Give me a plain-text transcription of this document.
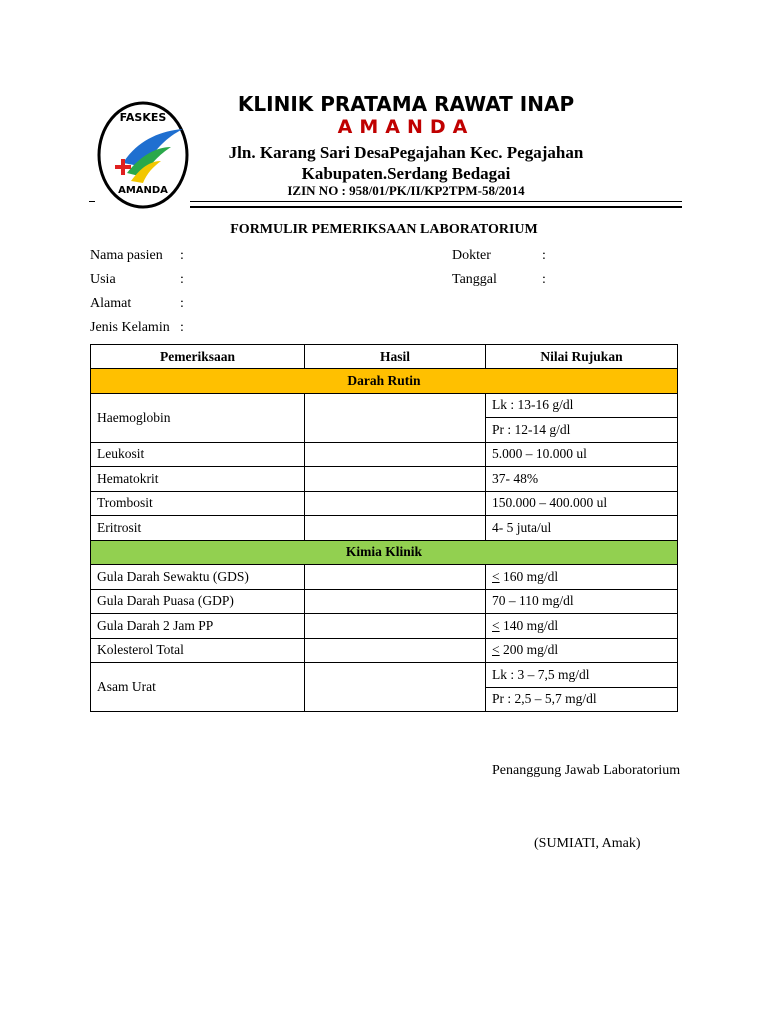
FASKES
AMANDA
KLINIK PRATAMA RAWAT INAP
AMANDA
Jln. Karang Sari DesaPegajahan Kec. Pegajahan
Kabupaten.Serdang Bedagai
IZIN NO : 958/01/PK/II/KP2TPM-58/2014
FORMULIR PEMERIKSAAN LABORATORIUM
Nama pasien :
Usia	:
Alamat	:
Jenis Kelamin :
Dokter	:
Tanggal	:
Pemeriksaan	Hasil	Nilai Rujukan
Darah Rutin		
Haemoglobin		Lk : 13-16 g/dl
		Pr : 12-14 g/dl
Leukosit		5.000 – 10.000 ul
Hematokrit		37- 48%
Trombosit		150.000 – 400.000 ul
Eritrosit		4- 5 juta/ul
Kimia Klinik		
Gula Darah Sewaktu (GDS)		≤ 160 mg/dl
Gula Darah Puasa (GDP)		70 – 110 mg/dl
Gula Darah 2 Jam PP		≤ 140 mg/dl
Kolesterol Total		≤ 200 mg/dl
Asam Urat		Lk : 3 – 7,5 mg/dl
		Pr : 2,5 – 5,7 mg/dl
Penanggung Jawab Laboratorium
(SUMIATI, Amak)
